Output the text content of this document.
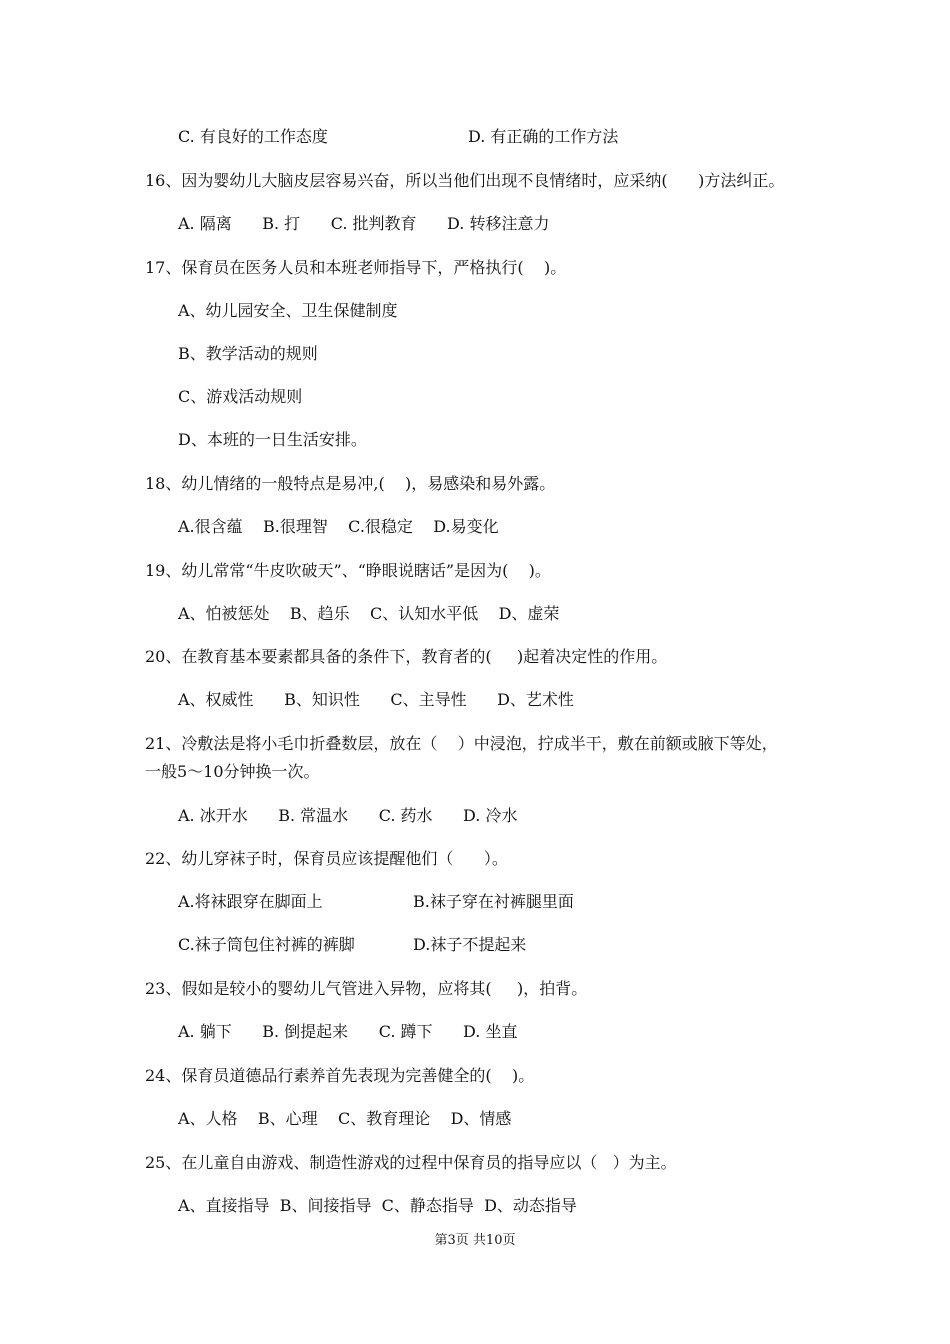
C. 有良好的工作态度	D. 有正确的工作方法
16、因为婴幼儿大脑皮层容易兴奋，所以当他们出现不良情绪时，应采纳(      )方法纠正。
A. 隔离      B. 打      C. 批判教育      D. 转移注意力
17、保育员在医务人员和本班老师指导下，严格执行(    )。
A、幼儿园安全、卫生保健制度
B、教学活动的规则
C、游戏活动规则
D、本班的一日生活安排。
18、幼儿情绪的一般特点是易冲,(    )，易感染和易外露。
A.很含蕴    B.很理智    C.很稳定    D.易变化
19、幼儿常常“牛皮吹破天”、“睁眼说瞎话”是因为(    )。
A、怕被惩处    B、趋乐    C、认知水平低    D、虚荣
20、在教育基本要素都具备的条件下，教育者的(     )起着决定性的作用。
A、权威性      B、知识性      C、主导性      D、艺术性
21、冷敷法是将小毛巾折叠数层，放在（    ）中浸泡，拧成半干，敷在前额或腋下等处，
一般5～10分钟换一次。
A. 冰开水      B. 常温水      C. 药水      D. 冷水
22、幼儿穿袜子时，保育员应该提醒他们（      ）。
A.将袜跟穿在脚面上	B.袜子穿在衬裤腿里面
C.袜子筒包住衬裤的裤脚	D.袜子不提起来
23、假如是较小的婴幼儿气管进入异物，应将其(     )，拍背。
A. 躺下      B. 倒提起来      C. 蹲下      D. 坐直
24、保育员道德品行素养首先表现为完善健全的(    )。
A、人格    B、心理    C、教育理论    D、情感
25、在儿童自由游戏、制造性游戏的过程中保育员的指导应以（   ）为主。
A、直接指导  B、间接指导  C、静态指导  D、动态指导
第3页 共10页
